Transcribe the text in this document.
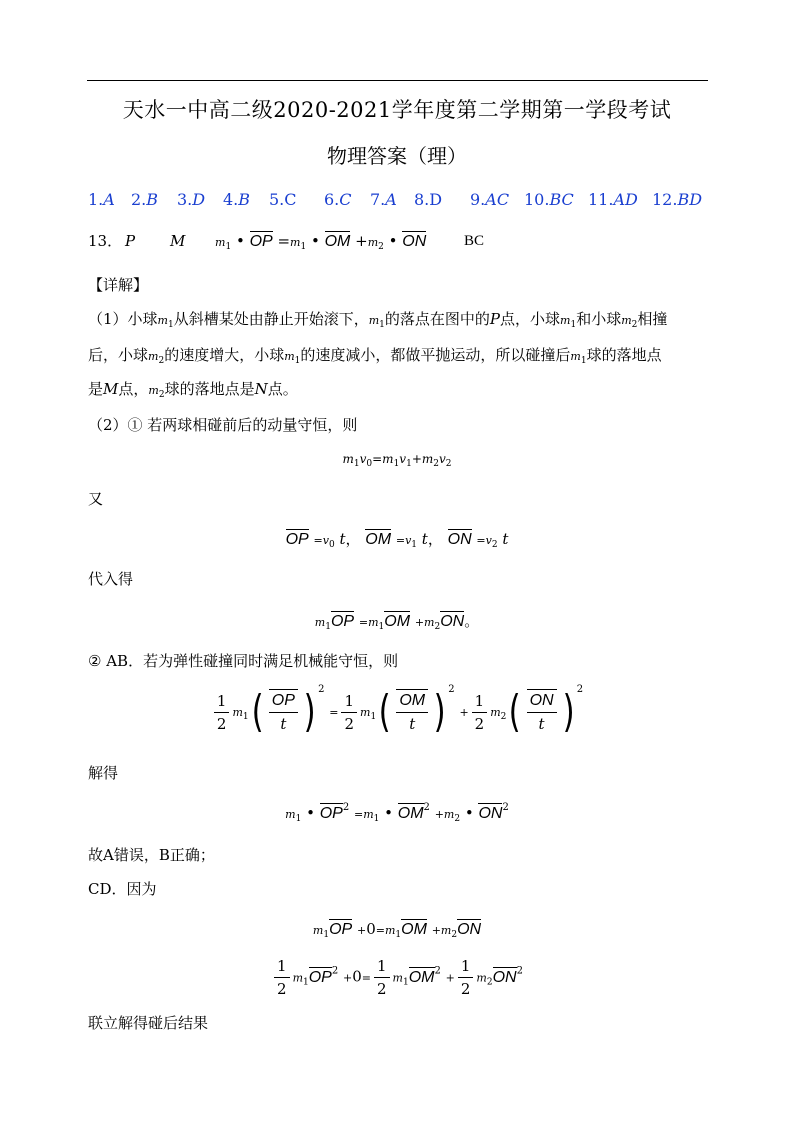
天水一中高二级2020-2021学年度第二学期第一学段考试
物理答案（理）
1.A 2.B 3.D 4.B 5.C 6.C 7.A 8.D 9.AC 10.BC 11.AD 12.BD
13． P M	$m_1$ • OP $=m_1$ • OM $+m_2$ • ON	BC
【详解】
（1）小球$m_1$从斜槽某处由静止开始滚下，$m_1$的落点在图中的P点，小球$m_1$和小球$m_2$相撞
后，小球$m_2$的速度增大，小球$m_1$的速度减小，都做平抛运动，所以碰撞后$m_1$球的落地点
是M点，$m_2$球的落地点是N点。
（2）① 若两球相碰前后的动量守恒，则
$m_1v_0=m_1v_1+m_2v_2$
又
OP $=v_0$ t， OM $=v_1$ t， ON $=v_2$ t
代入得
$m_1OP =m_1OM +m_2ON$。
② AB．若为弹性碰撞同时满足机械能守恒，则
$\frac{1}{2} m_1( \frac{OP}{t}$ ) $^2 = \frac{1}{2} m_1( \frac{OM}{t}$ ) $^2 + \frac{1}{2} m_2( \frac{ON}{t}$ ) $^2$
解得
$m_1$ • $OP^2 =m_1$ • $OM^2 +m_2$ • $ON^2$
故A错误，B正确；
CD．因为
$m_1OP +0=m_1OM +m_2ON$
$\frac{1}{2} m_1OP^2 +0= \frac{1}{2} m_1OM^2 + \frac{1}{2} m_2ON^2$
联立解得碰后结果
